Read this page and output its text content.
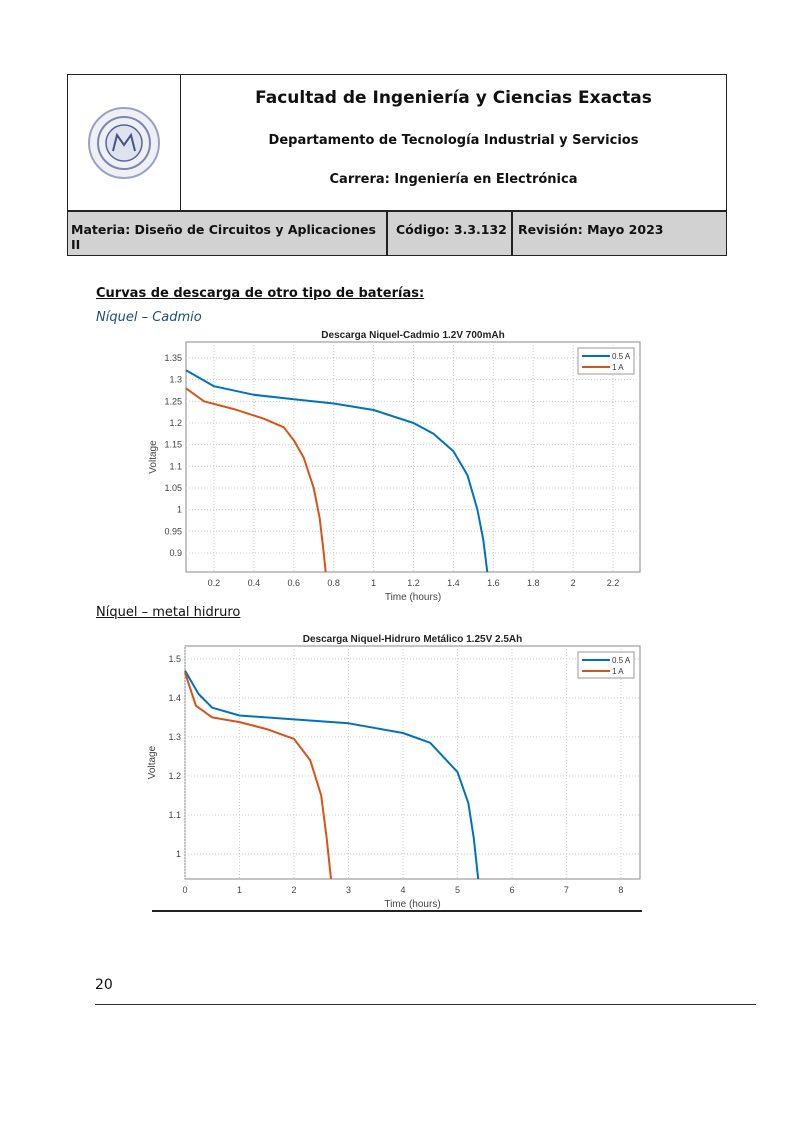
Facultad de Ingeniería y Ciencias Exactas
Departamento de Tecnología Industrial y Servicios
Carrera: Ingeniería en Electrónica
Materia: Diseño de Circuitos y Aplicaciones II
Código: 3.3.132 Revisión: Mayo 2023
Curvas de descarga de otro tipo de baterías:
Níquel – Cadmio
0.2	0.4	0.6	0.8	1	1.2	1.4	1.6	1.8	2	2.2
0.9
0.95
1
1.05
1.1
1.15
1.2
1.25
1.3
1.35
Descarga Niquel-Cadmio 1.2V 700mAh
Time (hours)
Voltage
0.5 A
1 A
Níquel – metal hidruro
0	1	2	3	4	5	6	7	8
1
1.1
1.2
1.3
1.4
1.5
Descarga Niquel-Hidruro Metálico 1.25V 2.5Ah
Time (hours)
Voltage
0.5 A
1 A
20
